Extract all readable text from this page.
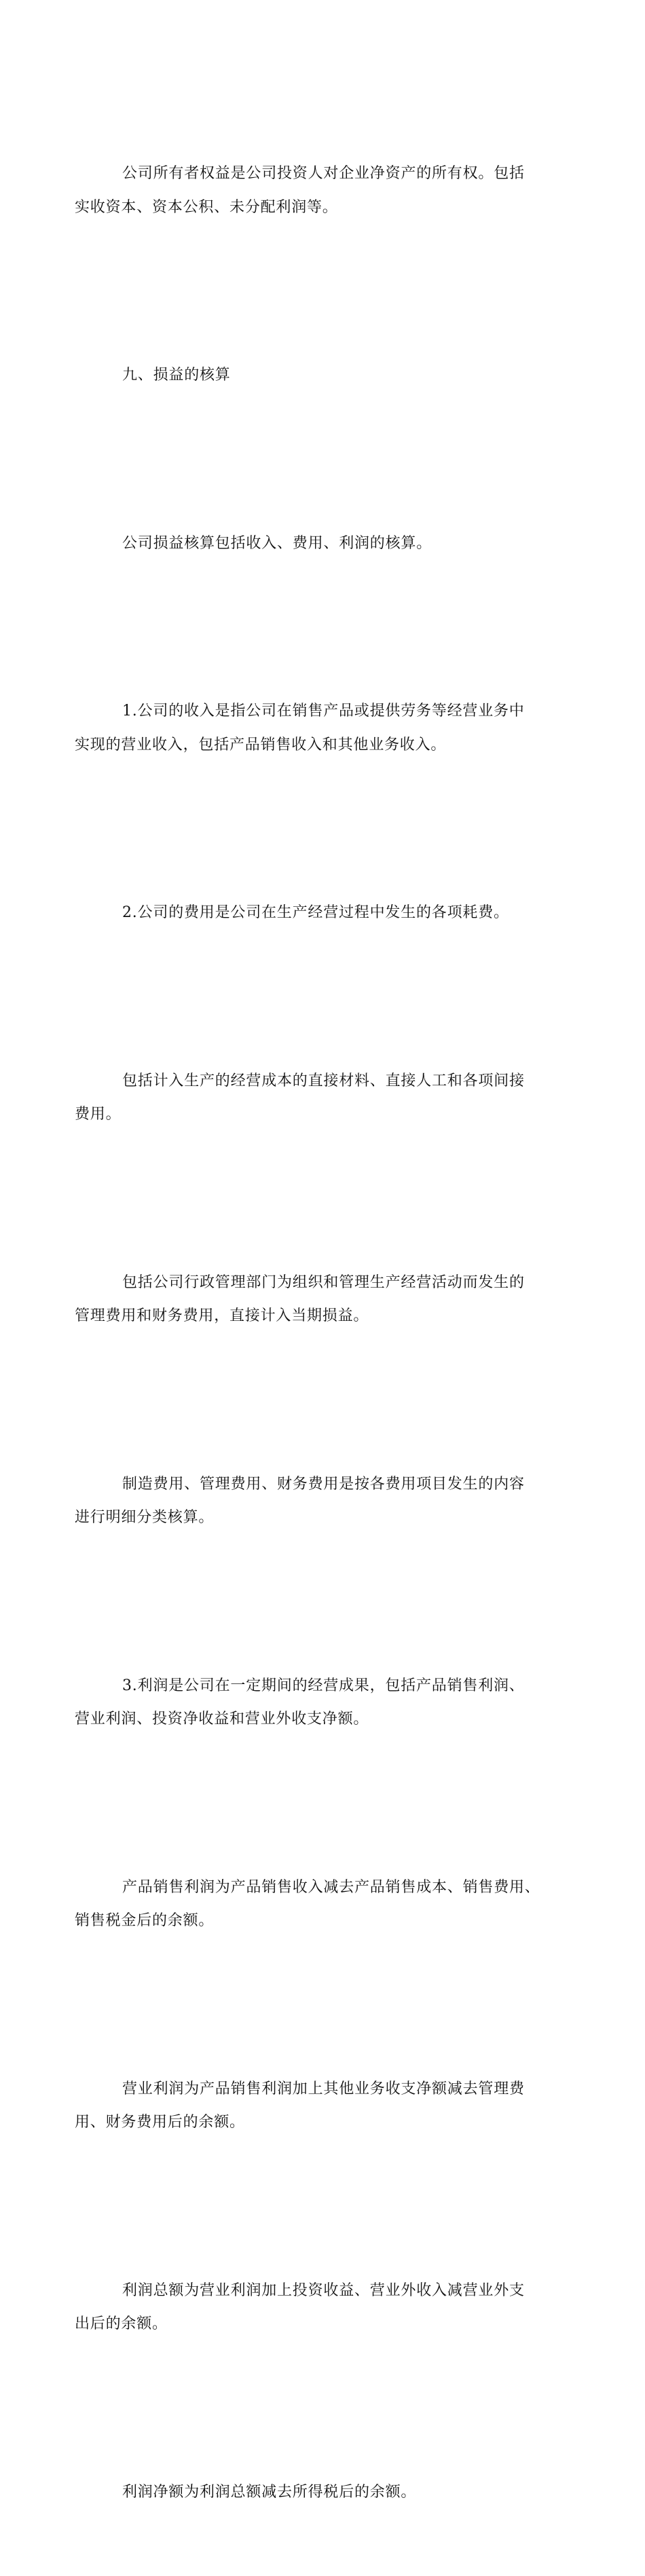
公司所有者权益是公司投资人对企业净资产的所有权。包括
实收资本、资本公积、未分配利润等。

九、损益的核算

公司损益核算包括收入、费用、利润的核算。

1.公司的收入是指公司在销售产品或提供劳务等经营业务中
实现的营业收入，包括产品销售收入和其他业务收入。

2.公司的费用是公司在生产经营过程中发生的各项耗费。

包括计入生产的经营成本的直接材料、直接人工和各项间接
费用。

包括公司行政管理部门为组织和管理生产经营活动而发生的
管理费用和财务费用，直接计入当期损益。

制造费用、管理费用、财务费用是按各费用项目发生的内容
进行明细分类核算。

3.利润是公司在一定期间的经营成果，包括产品销售利润、
营业利润、投资净收益和营业外收支净额。

产品销售利润为产品销售收入减去产品销售成本、销售费用、
销售税金后的余额。

营业利润为产品销售利润加上其他业务收支净额减去管理费
用、财务费用后的余额。

利润总额为营业利润加上投资收益、营业外收入减营业外支
出后的余额。

利润净额为利润总额减去所得税后的余额。
